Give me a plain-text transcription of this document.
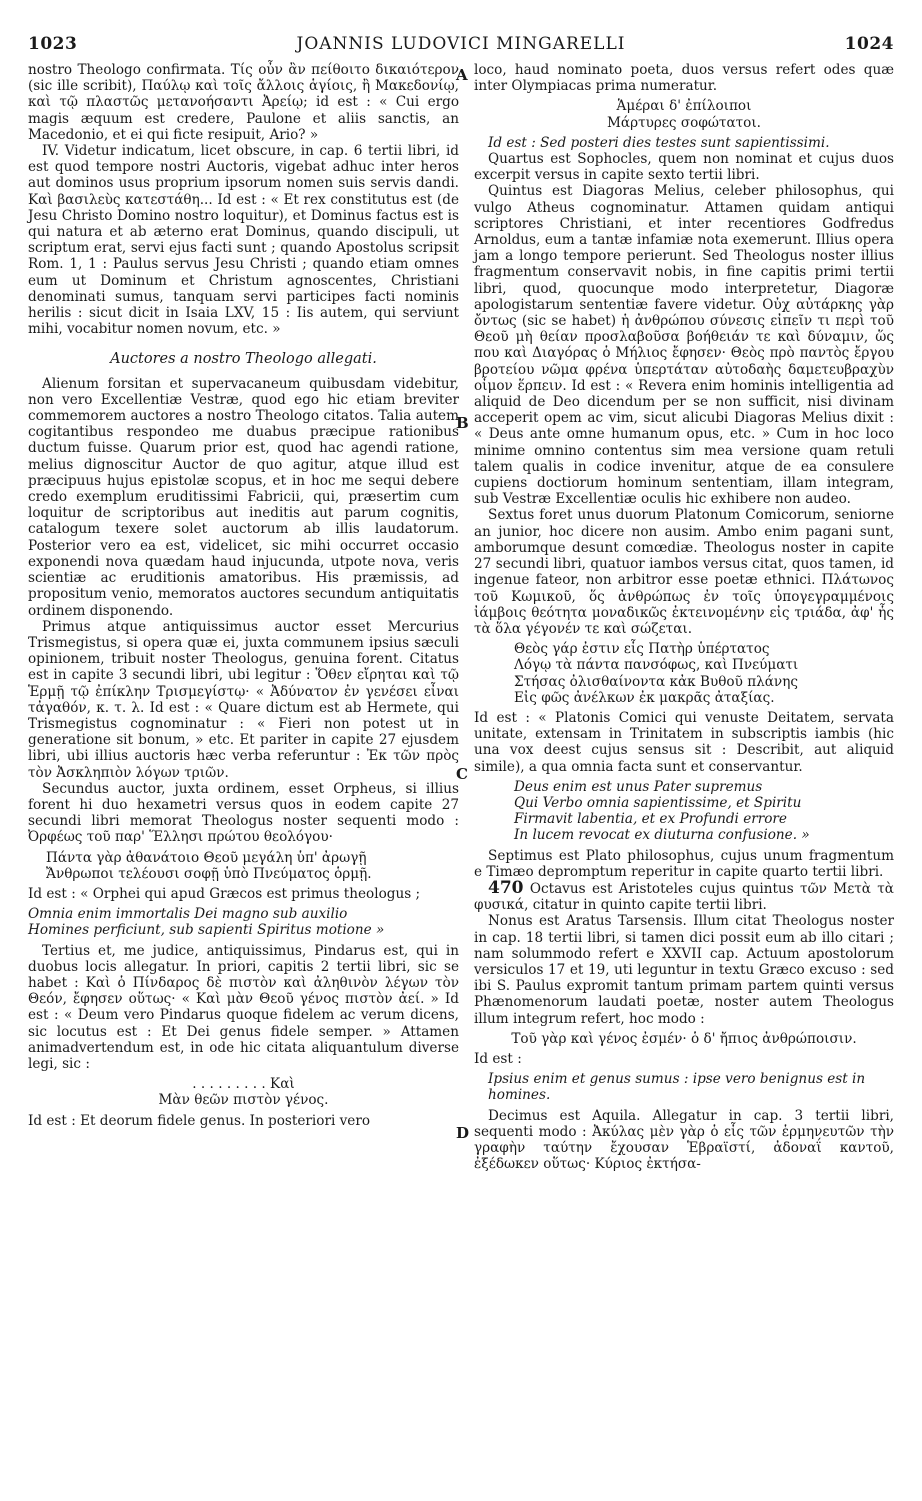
1023	JOANNIS LUDOVICI MINGARELLI	1024
A
B
C
D

nostro Theologo confirmata. Τίς οὖν ἂν πείθοιτο δικαιότερον (sic ille scribit), Παύλῳ καὶ τοῖς ἄλλοις ἁγίοις, ἢ Μακεδονίῳ, καὶ τῷ πλαστῶς μετανοήσαντι Ἀρείῳ; id est : « Cui ergo magis æquum est credere, Paulone et aliis sanctis, an Macedonio, et ei qui ficte resipuit, Ario? »

IV. Videtur indicatum, licet obscure, in cap. 6 tertii libri, id est quod tempore nostri Auctoris, vigebat adhuc inter heros aut dominos usus proprium ipsorum nomen suis servis dandi. Καὶ βασιλεὺς κατεστάθη... Id est : « Et rex constitutus est (de Jesu Christo Domino nostro loquitur), et Dominus factus est is qui natura et ab æterno erat Dominus, quando discipuli, ut scriptum erat, servi ejus facti sunt ; quando Apostolus scripsit Rom. 1, 1 : Paulus servus Jesu Christi ; quando etiam omnes eum ut Dominum et Christum agnoscentes, Christiani denominati sumus, tanquam servi participes facti nominis herilis : sicut dicit in Isaia LXV, 15 : Iis autem, qui serviunt mihi, vocabitur nomen novum, etc. »

Auctores a nostro Theologo allegati.

Alienum forsitan et supervacaneum quibusdam videbitur, non vero Excellentiæ Vestræ, quod ego hic etiam breviter commemorem auctores a nostro Theologo citatos. Talia autem cogitantibus respondeo me duabus præcipue rationibus ductum fuisse. Quarum prior est, quod hac agendi ratione, melius dignoscitur Auctor de quo agitur, atque illud est præcipuus hujus epistolæ scopus, et in hoc me sequi debere credo exemplum eruditissimi Fabricii, qui, præsertim cum loquitur de scriptoribus aut ineditis aut parum cognitis, catalogum texere solet auctorum ab illis laudatorum. Posterior vero ea est, videlicet, sic mihi occurret occasio exponendi nova quædam haud injucunda, utpote nova, veris scientiæ ac eruditionis amatoribus. His præmissis, ad propositum venio, memoratos auctores secundum antiquitatis ordinem disponendo.

Primus atque antiquissimus auctor esset Mercurius Trismegistus, si opera quæ ei, juxta communem ipsius sæculi opinionem, tribuit noster Theologus, genuina forent. Citatus est in capite 3 secundi libri, ubi legitur : Ὅθεν εἴρηται καὶ τῷ Ἑρμῇ τῷ ἐπίκλην Τρισμεγίστῳ· « Ἀδύνατον ἐν γενέσει εἶναι τἀγαθόν, κ. τ. λ. Id est : « Quare dictum est ab Hermete, qui Trismegistus cognominatur : « Fieri non potest ut in generatione sit bonum, » etc. Et pariter in capite 27 ejusdem libri, ubi illius auctoris hæc verba referuntur : Ἐκ τῶν πρὸς τὸν Ἀσκληπιὸν λόγων τριῶν.

Secundus auctor, juxta ordinem, esset Orpheus, si illius forent hi duo hexametri versus quos in eodem capite 27 secundi libri memorat Theologus noster sequenti modo : Ὀρφέως τοῦ παρ' Ἕλλησι πρώτου θεολόγου·

Πάντα γὰρ ἀθανάτοιο Θεοῦ μεγάλη ὑπ' ἀρωγῇ
Ἄνθρωποι τελέουσι σοφῇ ὑπὸ Πνεύματος ὁρμῇ.

Id est : « Orphei qui apud Græcos est primus theologus ;

Omnia enim immortalis Dei magno sub auxilio
Homines perficiunt, sub sapienti Spiritus motione »

Tertius et, me judice, antiquissimus, Pindarus est, qui in duobus locis allegatur. In priori, capitis 2 tertii libri, sic se habet : Καὶ ὁ Πίνδαρος δὲ πιστὸν καὶ ἀληθινὸν λέγων τὸν Θεόν, ἔφησεν οὕτως· « Καὶ μὰν Θεοῦ γένος πιστὸν ἀεί. » Id est : « Deum vero Pindarus quoque fidelem ac verum dicens, sic locutus est : Et Dei genus fidele semper. » Attamen animadvertendum est, in ode hic citata aliquantulum diverse legi, sic :

. . . . . . . . . Καὶ
Μὰν θεῶν πιστὸν γένος.

Id est : Et deorum fidele genus. In posteriori vero

loco, haud nominato poeta, duos versus refert odes quæ inter Olympiacas prima numeratur.

Ἁμέραι δ' ἐπίλοιποι
Μάρτυρες σοφώτατοι.

Id est : Sed posteri dies testes sunt sapientissimi.

Quartus est Sophocles, quem non nominat et cujus duos excerpit versus in capite sexto tertii libri.

Quintus est Diagoras Melius, celeber philosophus, qui vulgo Atheus cognominatur. Attamen quidam antiqui scriptores Christiani, et inter recentiores Godfredus Arnoldus, eum a tantæ infamiæ nota exemerunt. Illius opera jam a longo tempore perierunt. Sed Theologus noster illius fragmentum conservavit nobis, in fine capitis primi tertii libri, quod, quocunque modo interpretetur, Diagoræ apologistarum sententiæ favere videtur. Οὐχ αὐτάρκης γὰρ ὄντως (sic se habet) ἡ ἀνθρώπου σύνεσις εἰπεῖν τι περὶ τοῦ Θεοῦ μὴ θείαν προσλαβοῦσα βοήθειάν τε καὶ δύναμιν, ὥς που καὶ Διαγόρας ὁ Μήλιος ἔφησεν· Θεὸς πρὸ παντὸς ἔργου βροτείου νῶμα φρένα ὑπερτάταν αὐτοδαὴς δαμετευβραχὺν οἶμον ἕρπειν. Id est : « Revera enim hominis intelligentia ad aliquid de Deo dicendum per se non sufficit, nisi divinam acceperit opem ac vim, sicut alicubi Diagoras Melius dixit : « Deus ante omne humanum opus, etc. » Cum in hoc loco minime omnino contentus sim mea versione quam retuli talem qualis in codice invenitur, atque de ea consulere cupiens doctiorum hominum sententiam, illam integram, sub Vestræ Excellentiæ oculis hic exhibere non audeo.

Sextus foret unus duorum Platonum Comicorum, seniorne an junior, hoc dicere non ausim. Ambo enim pagani sunt, amborumque desunt comœdiæ. Theologus noster in capite 27 secundi libri, quatuor iambos versus citat, quos tamen, id ingenue fateor, non arbitror esse poetæ ethnici. Πλάτωνος τοῦ Κωμικοῦ, ὅς ἀνθρώπως ἐν τοῖς ὑπογεγραμμένοις ἰάμβοις θεότητα μοναδικῶς ἐκτεινομένην εἰς τριάδα, ἀφ' ἧς τὰ ὅλα γέγονέν τε καὶ σώζεται.

Θεὸς γάρ ἐστιν εἷς Πατὴρ ὑπέρτατος
Λόγῳ τὰ πάντα πανσόφως, καὶ Πνεύματι
Στήσας ὀλισθαίνοντα κἀκ Βυθοῦ πλάνης
Εἰς φῶς ἀνέλκων ἐκ μακρᾶς ἀταξίας.

Id est : « Platonis Comici qui venuste Deitatem, servata unitate, extensam in Trinitatem in subscriptis iambis (hic una vox deest cujus sensus sit : Describit, aut aliquid simile), a qua omnia facta sunt et conservantur.

Deus enim est unus Pater supremus
Qui Verbo omnia sapientissime, et Spiritu
Firmavit labentia, et ex Profundi errore
In lucem revocat ex diuturna confusione. »

Septimus est Plato philosophus, cujus unum fragmentum e Timæo depromptum reperitur in capite quarto tertii libri.

470 Octavus est Aristoteles cujus quintus τῶν Μετὰ τὰ φυσικά, citatur in quinto capite tertii libri.

Nonus est Aratus Tarsensis. Illum citat Theologus noster in cap. 18 tertii libri, si tamen dici possit eum ab illo citari ; nam solummodo refert e XXVII cap. Actuum apostolorum versiculos 17 et 19, uti leguntur in textu Græco excuso : sed ibi S. Paulus expromit tantum primam partem quinti versus Phænomenorum laudati poetæ, noster autem Theologus illum integrum refert, hoc modo :

Τοῦ γὰρ καὶ γένος ἐσμέν· ὁ δ' ἤπιος ἀνθρώποισιν.

Id est :

Ipsius enim et genus sumus : ipse vero benignus est in homines.

Decimus est Aquila. Allegatur in cap. 3 tertii libri, sequenti modo : Ἀκύλας μὲν γὰρ ὁ εἷς τῶν ἑρμηνευτῶν τὴν γραφὴν ταύτην ἔχουσαν Ἑβραϊστί, ἀδοναΐ καντοῦ, ἐξέδωκεν οὕτως· Κύριος ἐκτήσα-
